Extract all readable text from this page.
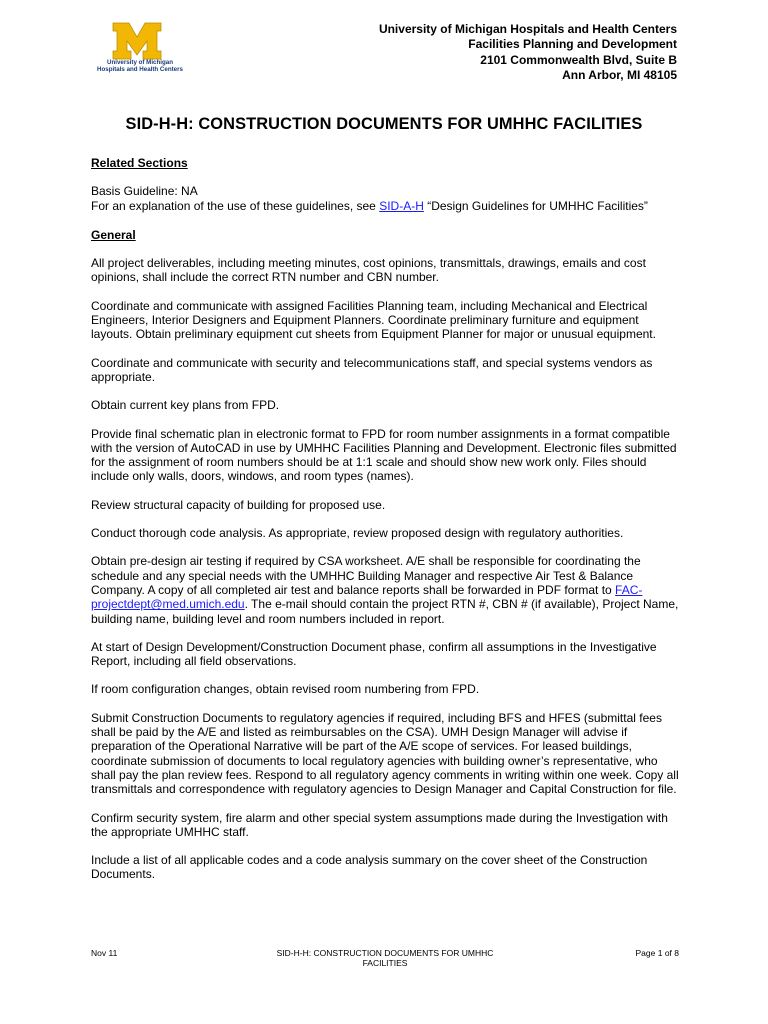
University of Michigan
Hospitals and Health Centers
University of Michigan Hospitals and Health Centers
Facilities Planning and Development
2101 Commonwealth Blvd, Suite B
Ann Arbor, MI 48105
SID-H-H: CONSTRUCTION DOCUMENTS FOR UMHHC FACILITIES

Related Sections

Basis Guideline: NA

For an explanation of the use of these guidelines, see SID-A-H “Design Guidelines for UMHHC Facilities”

General

All project deliverables, including meeting minutes, cost opinions, transmittals, drawings, emails and cost opinions, shall include the correct RTN number and CBN number.

Coordinate and communicate with assigned Facilities Planning team, including Mechanical and Electrical Engineers, Interior Designers and Equipment Planners. Coordinate preliminary furniture and equipment layouts. Obtain preliminary equipment cut sheets from Equipment Planner for major or unusual equipment.

Coordinate and communicate with security and telecommunications staff, and special systems vendors as appropriate.

Obtain current key plans from FPD.

Provide final schematic plan in electronic format to FPD for room number assignments in a format compatible with the version of AutoCAD in use by UMHHC Facilities Planning and Development. Electronic files submitted for the assignment of room numbers should be at 1:1 scale and should show new work only. Files should include only walls, doors, windows, and room types (names).

Review structural capacity of building for proposed use.

Conduct thorough code analysis. As appropriate, review proposed design with regulatory authorities.

Obtain pre-design air testing if required by CSA worksheet. A/E shall be responsible for coordinating the schedule and any special needs with the UMHHC Building Manager and respective Air Test & Balance Company. A copy of all completed air test and balance reports shall be forwarded in PDF format to FAC-projectdept@med.umich.edu. The e-mail should contain the project RTN #, CBN # (if available), Project Name, building name, building level and room numbers included in report.

At start of Design Development/Construction Document phase, confirm all assumptions in the Investigative Report, including all field observations.

If room configuration changes, obtain revised room numbering from FPD.

Submit Construction Documents to regulatory agencies if required, including BFS and HFES (submittal fees shall be paid by the A/E and listed as reimbursables on the CSA). UMH Design Manager will advise if preparation of the Operational Narrative will be part of the A/E scope of services. For leased buildings, coordinate submission of documents to local regulatory agencies with building owner’s representative, who shall pay the plan review fees. Respond to all regulatory agency comments in writing within one week. Copy all transmittals and correspondence with regulatory agencies to Design Manager and Capital Construction for file.

Confirm security system, fire alarm and other special system assumptions made during the Investigation with the appropriate UMHHC staff.

Include a list of all applicable codes and a code analysis summary on the cover sheet of the Construction Documents.

Nov 11	SID-H-H: CONSTRUCTION DOCUMENTS FOR UMHHC FACILITIES
Page 1 of 8
